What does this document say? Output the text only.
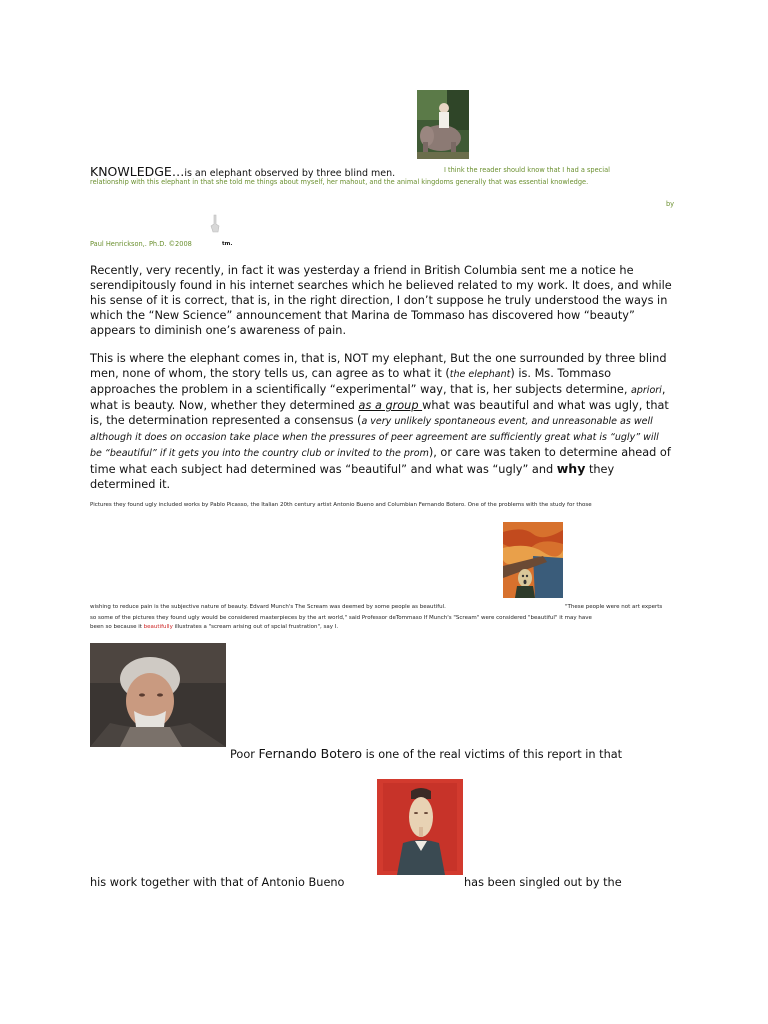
KNOWLEDGE…is an elephant observed by three blind men.	I think the reader should know that I had a special
relationship with this elephant in that she told me things about myself, her mahout, and the animal kingdoms generally that was essential knowledge.
by
Paul Henrickson,. Ph.D. ©2008	tm.
Recently, very recently, in fact it was yesterday a friend in British Columbia sent me a notice he serendipitously found in his internet searches which he believed related to my work. It does, and while his sense of it is correct, that is, in the right direction, I don’t suppose he truly understood the ways in which the “New Science” announcement that Marina de Tommaso has discovered how “beauty” appears to diminish one’s awareness of pain.
This is where the elephant comes in, that is, NOT my elephant, But the one surrounded by three blind men, none of whom, the story tells us, can agree as to what it (the elephant) is. Ms. Tommaso approaches the problem in a scientifically “experimental” way, that is, her subjects determine, apriori, what is beauty. Now, whether they determined as a group what was beautiful and what was ugly, that is, the determination represented a consensus (a very unlikely spontaneous event, and unreasonable as well although it does on occasion take place when the pressures of peer agreement are sufficiently great what is “ugly” will be “beautiful” if it gets you into the country club or invited to the prom), or care was taken to determine ahead of time what each subject had determined was “beautiful” and what was “ugly” and why they determined it.
Pictures they found ugly included works by Pablo Picasso, the Italian 20th century artist Antonio Bueno and Columbian Fernando Botero. One of the problems with the study for those
wishing to reduce pain is the subjective nature of beauty. Edvard Munch's The Scream was deemed by some people as beautiful.	"These people were not art experts
so some of the pictures they found ugly would be considered masterpieces by the art world," said Professor deTommaso If Munch's "Scream" were considered "beautiful" it may have
been so because it beautifully illustrates a "scream arising out of spcial frustration", say I.
Poor Fernando Botero is one of the real victims of this report in that
his work together with that of Antonio Bueno	has been singled out by the
